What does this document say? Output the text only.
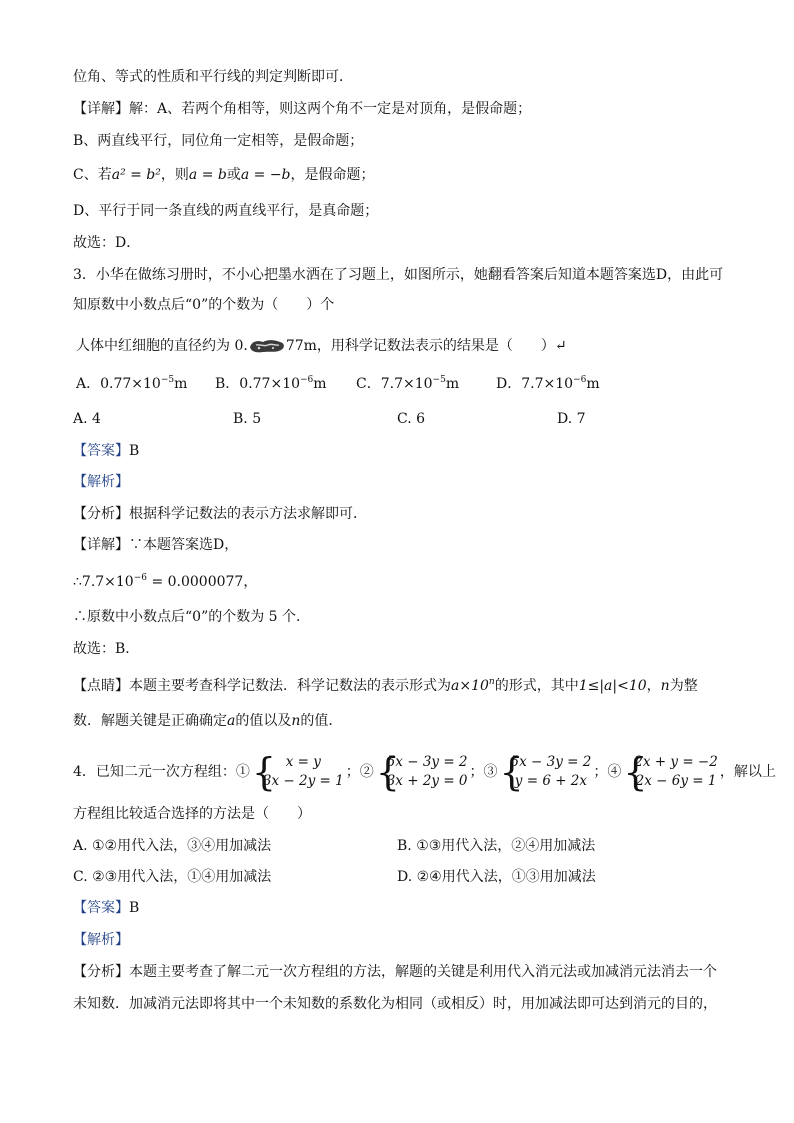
位角、等式的性质和平行线的判定判断即可．
【详解】解：A、若两个角相等，则这两个角不一定是对顶角，是假命题；
B、两直线平行，同位角一定相等，是假命题；
C、若a² = b²，则a = b或a = −b，是假命题；
D、平行于同一条直线的两直线平行，是真命题；
故选：D．
3．小华在做练习册时，不小心把墨水洒在了习题上，如图所示，她翻看答案后知道本题答案选D，由此可
知原数中小数点后“0”的个数为（　　）个
人体中红细胞的直径约为 0.	77m，用科学记数法表示的结果是（　　）↵
A．$0.77\times 10^{-5}m$ B．$0.77\times 10^{-6}m$ C．$7.7\times 10^{-5}m$	D．$7.7\times 10^{-6}m$
A. 4	B. 5	C. 6	D. 7
【答案】B
【解析】
【分析】根据科学记数法的表示方法求解即可．
【详解】∵本题答案选D，
$\therefore 7.7\times 10^{-6} = 0.0000077$，
∴原数中小数点后“0”的个数为 5 个．
故选：B．
【点睛】本题主要考查科学记数法．科学记数法的表示形式为$a\times 10^n$的形式，其中1≤|a|<10，n为整
数．解题关键是正确确定a的值以及n的值．
4．已知二元一次方程组：① { x = y
3x − 2y = 1
；② {
5x − 3y = 2
3x + 2y = 0
；③ {
5x − 3y = 2
y = 6 + 2x
；④ {
2x + y = −2
2x − 6y = 1
，解以上
方程组比较适合选择的方法是（　　）
A. ①②用代入法，③④用加减法	B. ①③用代入法，②④用加减法
C. ②③用代入法，①④用加减法	D. ②④用代入法，①③用加减法
【答案】B
【解析】
【分析】本题主要考查了解二元一次方程组的方法，解题的关键是利用代入消元法或加减消元法消去一个
未知数．加减消元法即将其中一个未知数的系数化为相同（或相反）时，用加减法即可达到消元的目的，
